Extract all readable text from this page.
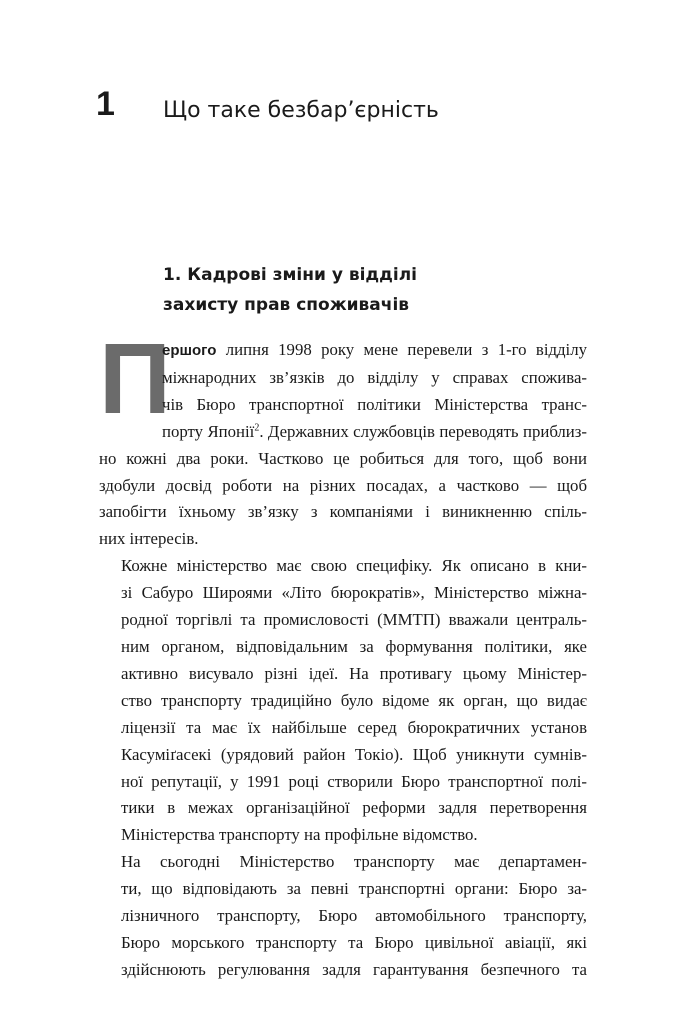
1 Що таке безбар’єрність
1. Кадрові зміни у відділі
захисту прав споживачів

П
ершого липня 1998 року мене перевели з 1-го відділу
міжнародних зв’язків до відділу у справах спожива-
чів Бюро транспортної політики Міністерства транс-
порту Японії$^2$. Державних службовців переводять приблиз-
но кожні два роки. Частково це робиться для того, щоб вони
здобули досвід роботи на різних посадах, а частково — щоб
запобігти їхньому зв’язку з компаніями і виникненню спіль-
них інтересів.

Кожне міністерство має свою специфіку. Як описано в кни-
зі Сабуро Широями «Літо бюрократів», Міністерство міжна-
родної торгівлі та промисловості (ММТП) вважали централь-
ним органом, відповідальним за формування політики, яке
активно висувало різні ідеї. На противагу цьому Міністер-
ство транспорту традиційно було відоме як орган, що видає
ліцензії та має їх найбільше серед бюрократичних установ
Касуміґасекі (урядовий район Токіо). Щоб уникнути сумнів-
ної репутації, у 1991 році створили Бюро транспортної полі-
тики в межах організаційної реформи задля перетворення
Міністерства транспорту на профільне відомство.

На сьогодні Міністерство транспорту має департамен-
ти, що відповідають за певні транспортні органи: Бюро за-
лізничного транспорту, Бюро автомобільного транспорту,
Бюро морського транспорту та Бюро цивільної авіації, які
здійснюють регулювання задля гарантування безпечного та
